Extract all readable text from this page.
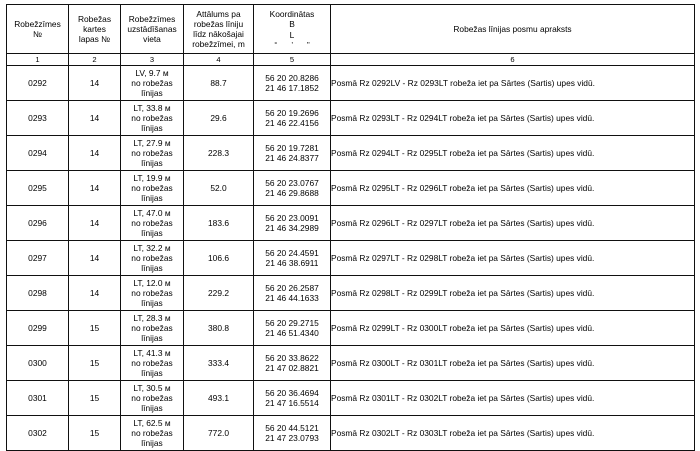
Robežzīmes
№	Robežas
kartes
lapas №	Robežzīmes
uzstādīšanas
vieta	Attālums pa
robežas līniju
līdz nākošajai
robežzīmei, m	Koordinātas
B
L
° ' "	Robežas līnijas posmu apraksts
1	2	3	4	5	6
0292	14	LV, 9.7 м
no robežas
līnijas	88.7	56 20 20.8286
21 46 17.1852	Posmā Rz 0292LV - Rz 0293LT robeža iet pa Sārtes (Sartis) upes vidū.
0293	14	LT, 33.8 м
no robežas
līnijas	29.6	56 20 19.2696
21 46 22.4156	Posmā Rz 0293LT - Rz 0294LT robeža iet pa Sārtes (Sartis) upes vidū.
0294	14	LT, 27.9 м
no robežas
līnijas	228.3	56 20 19.7281
21 46 24.8377	Posmā Rz 0294LT - Rz 0295LT robeža iet pa Sārtes (Sartis) upes vidū.
0295	14	LT, 19.9 м
no robežas
līnijas	52.0	56 20 23.0767
21 46 29.8688	Posmā Rz 0295LT - Rz 0296LT robeža iet pa Sārtes (Sartis) upes vidū.
0296	14	LT, 47.0 м
no robežas
līnijas	183.6	56 20 23.0091
21 46 34.2989	Posmā Rz 0296LT - Rz 0297LT robeža iet pa Sārtes (Sartis) upes vidū.
0297	14	LT, 32.2 м
no robežas
līnijas	106.6	56 20 24.4591
21 46 38.6911	Posmā Rz 0297LT - Rz 0298LT robeža iet pa Sārtes (Sartis) upes vidū.
0298	14	LT, 12.0 м
no robežas
līnijas	229.2	56 20 26.2587
21 46 44.1633	Posmā Rz 0298LT - Rz 0299LT robeža iet pa Sārtes (Sartis) upes vidū.
0299	15	LT, 28.3 м
no robežas
līnijas	380.8	56 20 29.2715
21 46 51.4340	Posmā Rz 0299LT - Rz 0300LT robeža iet pa Sārtes (Sartis) upes vidū.
0300	15	LT, 41.3 м
no robežas
līnijas	333.4	56 20 33.8622
21 47 02.8821	Posmā Rz 0300LT - Rz 0301LT robeža iet pa Sārtes (Sartis) upes vidū.
0301	15	LT, 30.5 м
no robežas
līnijas	493.1	56 20 36.4694
21 47 16.5514	Posmā Rz 0301LT - Rz 0302LT robeža iet pa Sārtes (Sartis) upes vidū.
0302	15	LT, 62.5 м
no robežas
līnijas	772.0	56 20 44.5121
21 47 23.0793	Posmā Rz 0302LT - Rz 0303LT robeža iet pa Sārtes (Sartis) upes vidū.
